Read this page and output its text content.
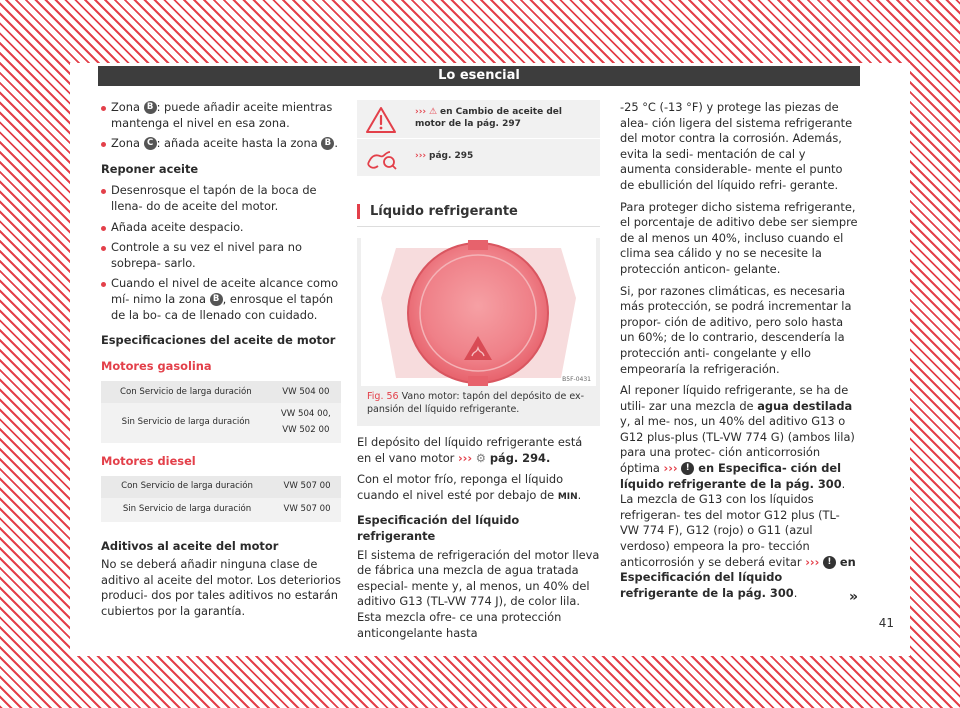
Lo esencial
Zona B : puede añadir aceite mientras mantenga el nivel en esa zona.
Zona C : añada aceite hasta la zona B .

Reponer aceite

Desenrosque el tapón de la boca de llena- do de aceite del motor.
Añada aceite despacio.
Controle a su vez el nivel para no sobrepa- sarlo.
Cuando el nivel de aceite alcance como mí- nimo la zona B , enrosque el tapón de la bo- ca de llenado con cuidado.

Especificaciones del aceite de motor

Motores gasolina

Con Servicio de larga duración	VW 504 00
Sin Servicio de larga duración	VW 504 00,
VW 502 00

Motores diesel

Con Servicio de larga duración	VW 507 00
Sin Servicio de larga duración	VW 507 00

Aditivos al aceite del motor

No se deberá añadir ninguna clase de aditivo al aceite del motor. Los deteriorios produci- dos por tales aditivos no estarán cubiertos por la garantía.

››› ⚠ en Cambio de aceite del motor de la pág. 297
››› pág. 295
Líquido refrigerante
B5F-0431
Fig. 56 Vano motor: tapón del depósito de ex- pansión del líquido refrigerante.

El depósito del líquido refrigerante está en el vano motor ››› ⚙ pág. 294.

Con el motor frío, reponga el líquido cuando el nivel esté por debajo de MIN.

Especificación del líquido refrigerante

El sistema de refrigeración del motor lleva de fábrica una mezcla de agua tratada especial- mente y, al menos, un 40% del aditivo G13 (TL-VW 774 J), de color lila. Esta mezcla ofre- ce una protección anticongelante hasta

-25 °C (-13 °F) y protege las piezas de alea- ción ligera del sistema refrigerante del motor contra la corrosión. Además, evita la sedi- mentación de cal y aumenta considerable- mente el punto de ebullición del líquido refri- gerante.

Para proteger dicho sistema refrigerante, el porcentaje de aditivo debe ser siempre de al menos un 40%, incluso cuando el clima sea cálido y no se necesite la protección anticon- gelante.

Si, por razones climáticas, es necesaria más protección, se podrá incrementar la propor- ción de aditivo, pero solo hasta un 60%; de lo contrario, descendería la protección anti- congelante y ello empeoraría la refrigeración.

Al reponer líquido refrigerante, se ha de utili- zar una mezcla de agua destilada y, al me- nos, un 40% del aditivo G13 o G12 plus-plus (TL-VW 774 G) (ambos lila) para una protec- ción anticorrosión óptima ››› ! en Especifica- ción del líquido refrigerante de la pág. 300. La mezcla de G13 con los líquidos refrigeran- tes del motor G12 plus (TL-VW 774 F), G12 (rojo) o G11 (azul verdoso) empeora la pro- tección anticorrosión y se deberá evitar ››› ! en Especificación del líquido refrigerante de la pág. 300.	»

41
